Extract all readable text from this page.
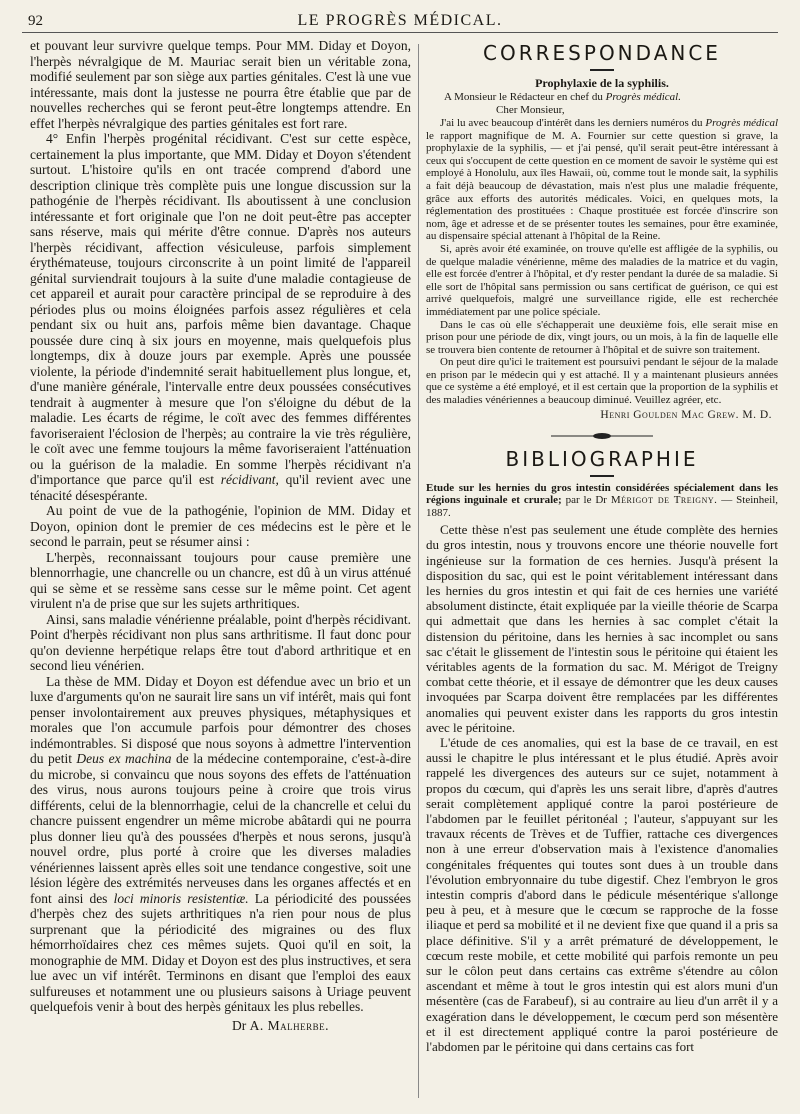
92	LE PROGRÈS MÉDICAL.

et pouvant leur survivre quelque temps. Pour MM. Diday et Doyon, l'herpès névralgique de M. Mauriac serait bien un véritable zona, modifié seulement par son siège aux parties génitales. C'est là une vue intéressante, mais dont la justesse ne pourra être établie que par de nouvelles recherches qui se feront peut-être longtemps attendre. En effet l'herpès névralgique des parties génitales est fort rare.

4° Enfin l'herpès progénital récidivant. C'est sur cette espèce, certainement la plus importante, que MM. Diday et Doyon s'étendent surtout. L'histoire qu'ils en ont tracée comprend d'abord une description clinique très complète puis une longue discussion sur la pathogénie de l'herpès récidivant. Ils aboutissent à une conclusion intéressante et fort originale que l'on ne doit peut-être pas accepter sans réserve, mais qui mérite d'être connue. D'après nos auteurs l'herpès récidivant, affection vésiculeuse, parfois simplement érythémateuse, toujours circonscrite à un point limité de l'appareil génital surviendrait toujours à la suite d'une maladie contagieuse de cet appareil et aurait pour caractère principal de se reproduire à des périodes plus ou moins éloignées parfois assez régulières et cela pendant six ou huit ans, parfois même bien davantage. Chaque poussée dure cinq à six jours en moyenne, mais quelquefois plus longtemps, dix à douze jours par exemple. Après une poussée violente, la période d'indemnité serait habituellement plus longue, et, d'une manière générale, l'intervalle entre deux poussées consécutives tendrait à augmenter à mesure que l'on s'éloigne du début de la maladie. Les écarts de régime, le coït avec des femmes différentes favoriseraient l'éclosion de l'herpès; au contraire la vie très régulière, le coït avec une femme toujours la même favoriseraient l'atténuation ou la guérison de la maladie. En somme l'herpès récidivant n'a d'importance que parce qu'il est récidivant, qu'il revient avec une ténacité désespérante.

Au point de vue de la pathogénie, l'opinion de MM. Diday et Doyon, opinion dont le premier de ces médecins est le père et le second le parrain, peut se résumer ainsi :

L'herpès, reconnaissant toujours pour cause première une blennorrhagie, une chancrelle ou un chancre, est dû à un virus atténué qui se sème et se ressème sans cesse sur le même point. Cet agent virulent n'a de prise que sur les sujets arthritiques.

Ainsi, sans maladie vénérienne préalable, point d'herpès récidivant. Point d'herpès récidivant non plus sans arthritisme. Il faut donc pour qu'on devienne herpétique relaps être tout d'abord arthritique et en second lieu vénérien.

La thèse de MM. Diday et Doyon est défendue avec un brio et un luxe d'arguments qu'on ne saurait lire sans un vif intérêt, mais qui font penser involontairement aux preuves physiques, métaphysiques et morales que l'on accumule parfois pour démontrer des choses indémontrables. Si disposé que nous soyons à admettre l'intervention du petit Deus ex machina de la médecine contemporaine, c'est-à-dire du microbe, si convaincu que nous soyons des effets de l'atténuation des virus, nous aurons toujours peine à croire que trois virus différents, celui de la blennorrhagie, celui de la chancrelle et celui du chancre puissent engendrer un même microbe abâtardi qui ne pourra plus donner lieu qu'à des poussées d'herpès et nous serons, jusqu'à nouvel ordre, plus porté à croire que les diverses maladies vénériennes laissent après elles soit une tendance congestive, soit une lésion légère des extrémités nerveuses dans les organes affectés et en font ainsi des loci minoris resistentiæ. La périodicité des poussées d'herpès chez des sujets arthritiques n'a rien pour nous de plus surprenant que la périodicité des migraines ou des flux hémorrhoïdaires chez ces mêmes sujets. Quoi qu'il en soit, la monographie de MM. Diday et Doyon est des plus instructives, et sera lue avec un vif intérêt. Terminons en disant que l'emploi des eaux sulfureuses et notamment une ou plusieurs saisons à Uriage peuvent quelquefois venir à bout des herpès génitaux les plus rebelles.

Dr A. Malherbe.
CORRESPONDANCE
Prophylaxie de la syphilis.
A Monsieur le Rédacteur en chef du Progrès médical.
Cher Monsieur,

J'ai lu avec beaucoup d'intérêt dans les derniers numéros du Progrès médical le rapport magnifique de M. A. Fournier sur cette question si grave, la prophylaxie de la syphilis, — et j'ai pensé, qu'il serait peut-être intéressant à ceux qui s'occupent de cette question en ce moment de savoir le système qui est employé à Honolulu, aux îles Hawaii, où, comme tout le monde sait, la syphilis a fait déjà beaucoup de dévastation, mais n'est plus une maladie fréquente, grâce aux efforts des autorités médicales. Voici, en quelques mots, la réglementation des prostituées : Chaque prostituée est forcée d'inscrire son nom, âge et adresse et de se présenter toutes les semaines, pour être examinée, au dispensaire spécial attenant à l'hôpital de la Reine.

Si, après avoir été examinée, on trouve qu'elle est affligée de la syphilis, ou de quelque maladie vénérienne, même des maladies de la matrice et du vagin, elle est forcée d'entrer à l'hôpital, et d'y rester pendant la durée de sa maladie. Si elle sort de l'hôpital sans permission ou sans certificat de guérison, ce qui est arrivé quelquefois, malgré une surveillance rigide, elle est recherchée immédiatement par une police spéciale.

Dans le cas où elle s'échapperait une deuxième fois, elle serait mise en prison pour une période de dix, vingt jours, ou un mois, à la fin de laquelle elle se trouvera bien contente de retourner à l'hôpital et de suivre son traitement.

On peut dire qu'ici le traitement est poursuivi pendant le séjour de la malade en prison par le médecin qui y est attaché. Il y a maintenant plusieurs années que ce système a été employé, et il est certain que la proportion de la syphilis et des maladies vénériennes a beaucoup diminué. Veuillez agréer, etc.

Henri Goulden Mac Grew. M. D.
BIBLIOGRAPHIE
Etude sur les hernies du gros intestin considérées spécialement dans les régions inguinale et crurale; par le Dr Mérigot de Treigny. — Steinheil, 1887.

Cette thèse n'est pas seulement une étude complète des hernies du gros intestin, nous y trouvons encore une théorie nouvelle fort ingénieuse sur la formation de ces hernies. Jusqu'à présent la disposition du sac, qui est le point véritablement intéressant dans les hernies du gros intestin et qui fait de ces hernies une variété absolument distincte, était expliquée par la vieille théorie de Scarpa qui admettait que dans les hernies à sac complet c'était la distension du péritoine, dans les hernies à sac incomplet ou sans sac c'était le glissement de l'intestin sous le péritoine qui étaient les véritables agents de la formation du sac. M. Mérigot de Treigny combat cette théorie, et il essaye de démontrer que les deux causes invoquées par Scarpa doivent être remplacées par les différentes anomalies qui peuvent exister dans les rapports du gros intestin avec le péritoine.

L'étude de ces anomalies, qui est la base de ce travail, en est aussi le chapitre le plus intéressant et le plus étudié. Après avoir rappelé les divergences des auteurs sur ce sujet, notamment à propos du cœcum, qui d'après les uns serait libre, d'après d'autres serait complètement appliqué contre la paroi postérieure de l'abdomen par le feuillet péritonéal ; l'auteur, s'appuyant sur les travaux récents de Trèves et de Tuffier, rattache ces divergences non à une erreur d'observation mais à l'existence d'anomalies congénitales fréquentes qui toutes sont dues à un trouble dans l'évolution embryonnaire du tube digestif. Chez l'embryon le gros intestin compris d'abord dans le pédicule mésentérique s'allonge peu à peu, et à mesure que le cœcum se rapproche de la fosse iliaque et perd sa mobilité et il ne devient fixe que quand il a pris sa place définitive. S'il y a arrêt prématuré de développement, le cœcum reste mobile, et cette mobilité qui parfois remonte un peu sur le côlon peut dans certains cas extrême s'étendre au côlon ascendant et même à tout le gros intestin qui est alors muni d'un mésentère (cas de Farabeuf), si au contraire au lieu d'un arrêt il y a exagération dans le développement, le cœcum perd son mésentère et il est directement appliqué contre la paroi postérieure de l'abdomen par le péritoine qui dans certains cas fort
